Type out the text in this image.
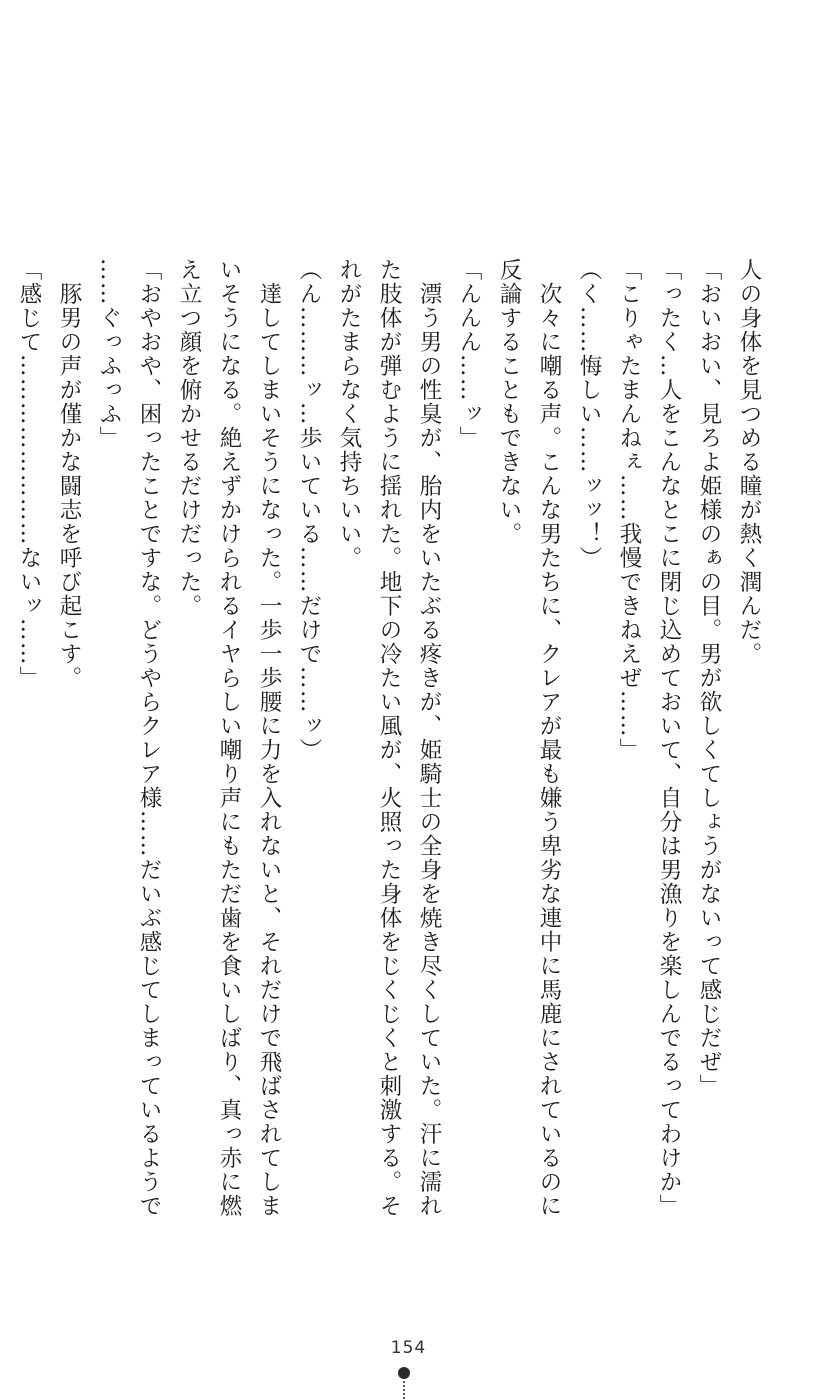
人の身体を見つめる瞳が熱く潤んだ。
「おいおい、見ろよ姫様のぁの目。男が欲しくてしょうがないって感じだぜ」
「ったく…人をこんなとこに閉じ込めておいて、自分は男漁りを楽しんでるってわけか」
「こりゃたまんねぇ……我慢できねえぜ……」
（く……悔しい……ッッ！）
　次々に嘲る声。こんな男たちに、クレアが最も嫌う卑劣な連中に馬鹿にされているのに
反論することもできない。
「んんん……ッ」
　漂う男の性臭が、胎内をいたぶる疼きが、姫騎士の全身を焼き尽くしていた。汗に濡れ
た肢体が弾むように揺れた。地下の冷たい風が、火照った身体をじくじくと刺激する。そ
れがたまらなく気持ちいい。
（ん………ッ…歩いている……だけで……ッ）
　達してしまいそうになった。一歩一歩腰に力を入れないと、それだけで飛ばされてしま
いそうになる。絶えずかけられるイヤらしい嘲り声にもただ歯を食いしばり、真っ赤に燃
え立つ顔を俯かせるだけだった。
「おやおや、困ったことですな。どうやらクレア様……だいぶ感じてしまっているようで
……ぐっふっふ」
　豚男の声が僅かな闘志を呼び起こす。
「感じて……………………ないッ……」
154
